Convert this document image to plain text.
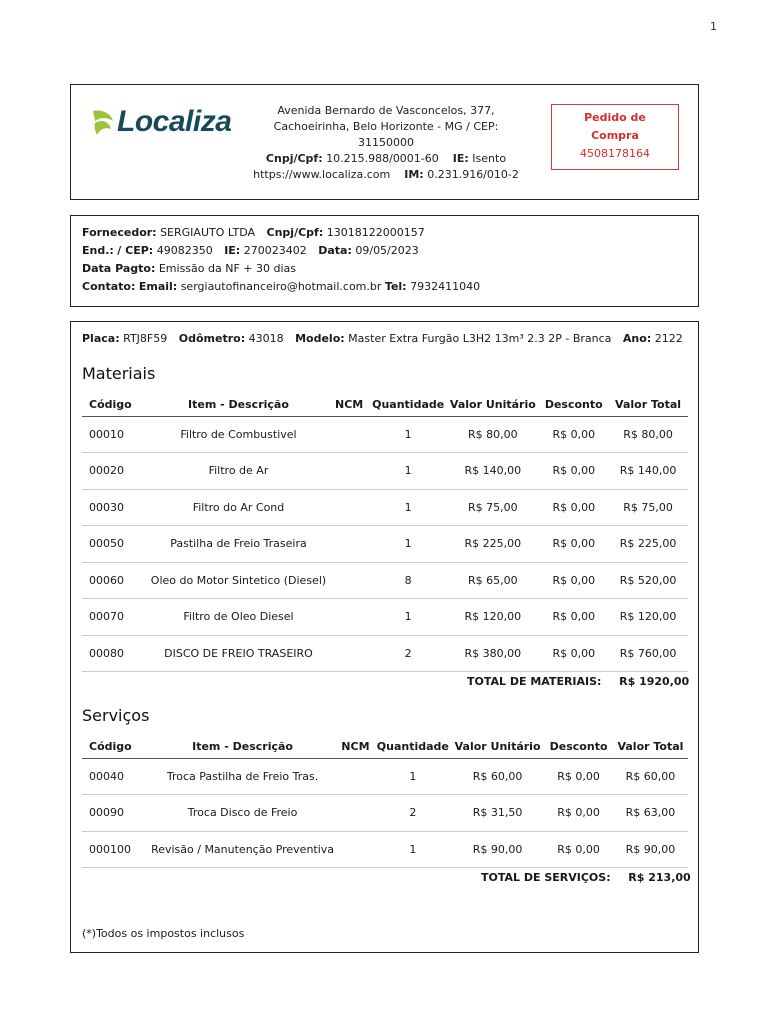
1
Localiza	Avenida Bernardo de Vasconcelos, 377,
Cachoeirinha, Belo Horizonte - MG / CEP:
31150000
Cnpj/Cpf: 10.215.988/0001-60 IE: Isento
https://www.localiza.com IM: 0.231.916/010-2
Pedido de
Compra
4508178164
Fornecedor: SERGIAUTO LTDA Cnpj/Cpf: 13018122000157
End.: / CEP: 49082350 IE: 270023402 Data: 09/05/2023
Data Pagto: Emissão da NF + 30 dias
Contato: Email: sergiautofinanceiro@hotmail.com.br Tel: 7932411040
Placa: RTJ8F59 Odômetro: 43018 Modelo: Master Extra Furgão L3H2 13m³ 2.3 2P - Branca Ano: 2122
Materiais
Código	Item - Descrição	NCM	Quantidade	Valor Unitário	Desconto	Valor Total
00010	Filtro de Combustivel		1	R$ 80,00	R$ 0,00	R$ 80,00
00020	Filtro de Ar		1	R$ 140,00	R$ 0,00	R$ 140,00
00030	Filtro do Ar Cond		1	R$ 75,00	R$ 0,00	R$ 75,00
00050	Pastilha de Freio Traseira		1	R$ 225,00	R$ 0,00	R$ 225,00
00060	Oleo do Motor Sintetico (Diesel)		8	R$ 65,00	R$ 0,00	R$ 520,00
00070	Filtro de Oleo Diesel		1	R$ 120,00	R$ 0,00	R$ 120,00
00080	DISCO DE FREIO TRASEIRO		2	R$ 380,00	R$ 0,00	R$ 760,00
TOTAL DE MATERIAIS: R$ 1920,00
Serviços
Código	Item - Descrição	NCM	Quantidade	Valor Unitário	Desconto	Valor Total
00040	Troca Pastilha de Freio Tras.		1	R$ 60,00	R$ 0,00	R$ 60,00
00090	Troca Disco de Freio		2	R$ 31,50	R$ 0,00	R$ 63,00
000100	Revisão / Manutenção Preventiva		1	R$ 90,00	R$ 0,00	R$ 90,00
TOTAL DE SERVIÇOS: R$ 213,00
(*)Todos os impostos inclusos
